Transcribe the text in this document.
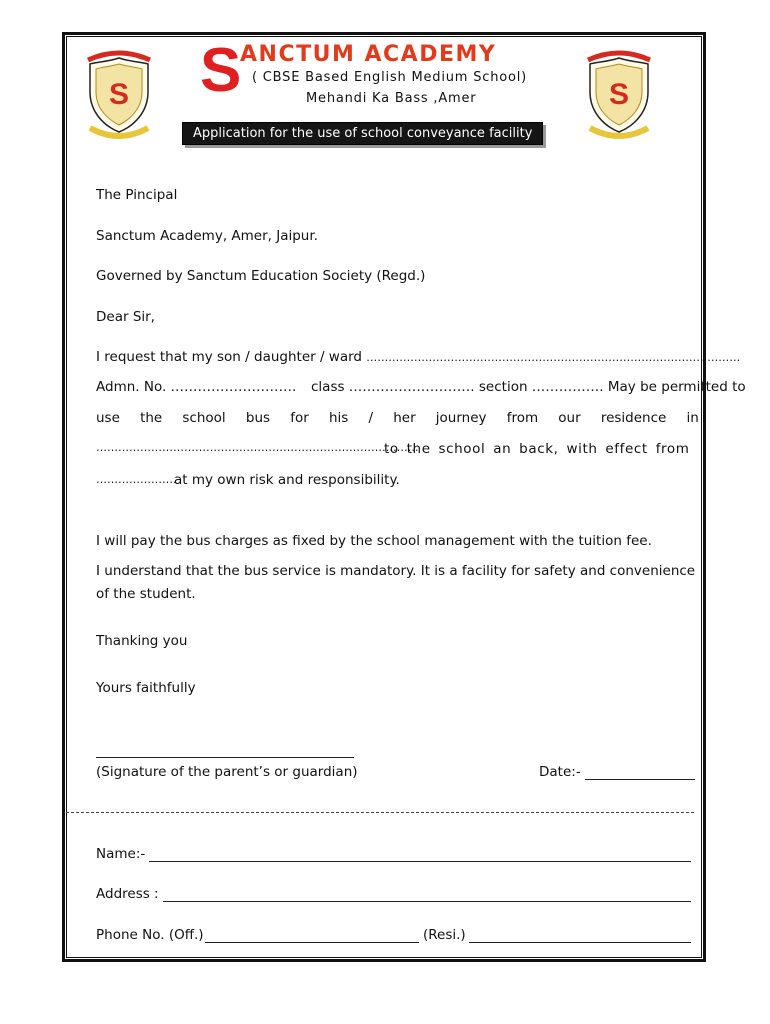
S	S
S
ANCTUM ACADEMY
( CBSE Based English Medium School)
Mehandi Ka Bass ,Amer
Application for the use of school conveyance facility
The Pincipal
Sanctum Academy, Amer, Jaipur.
Governed by Sanctum Education Society (Regd.)
Dear Sir,
I request that my son / daughter / ward …………………………………………………………………………………………
Admn. No. ………………………. class ………………………. section ……………. May be permitted to
use the school bus for his / her journey from our residence in
…………………………………………………………………………….
to the school an back, with effect from
………………….
at my own risk and responsibility.
I will pay the bus charges as fixed by the school management with the tuition fee.
I understand that the bus service is mandatory. It is a facility for safety and convenience
of the student.
Thanking you
Yours faithfully
(Signature of the parent’s or guardian)	Date:-
Name:-
Address :
Phone No. (Off.)	(Resi.)
